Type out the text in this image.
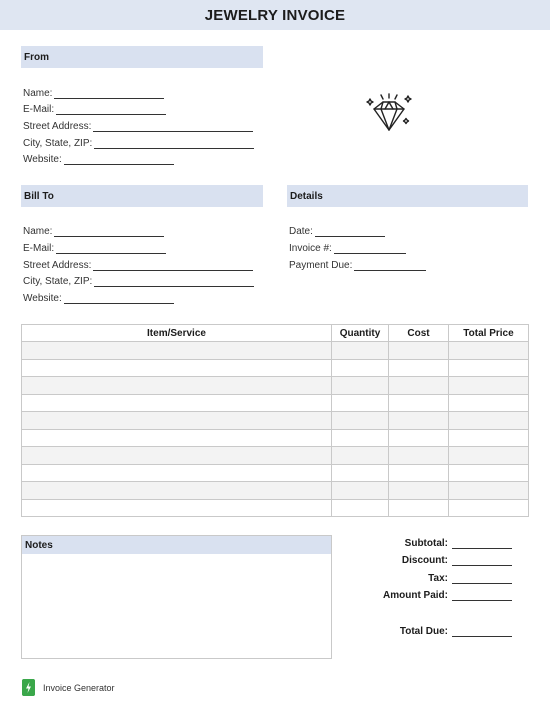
JEWELRY INVOICE
From
Name:
E-Mail:
Street Address:
City, State, ZIP:
Website:
Bill To
Name:
E-Mail:
Street Address:
City, State, ZIP:
Website:
Details
Date:
Invoice #:
Payment Due:
Item/Service	Quantity	Cost	Total Price

Notes	Subtotal:
Discount:
Tax:
Amount Paid:
Total Due:
Invoice Generator
